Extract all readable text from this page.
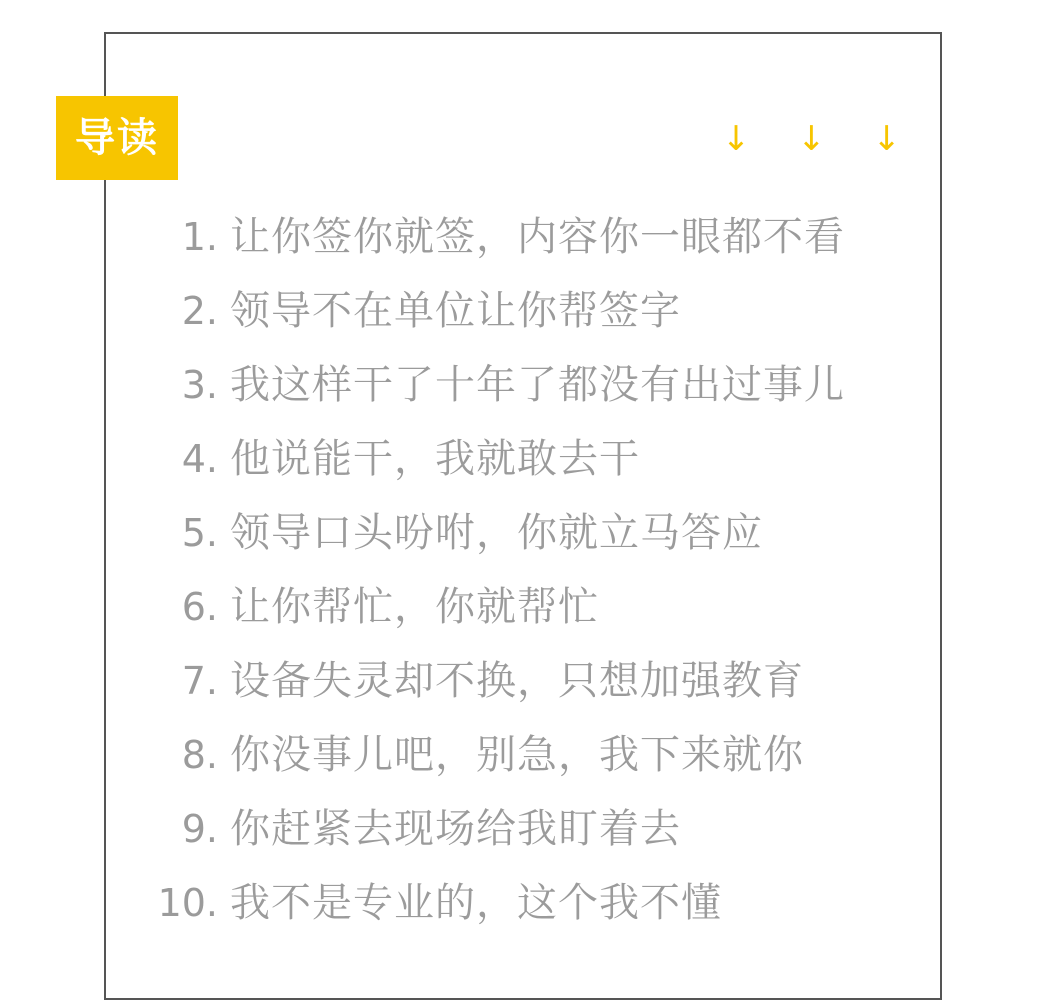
导读	↓ ↓ ↓
1. 让你签你就签，内容你一眼都不看
2. 领导不在单位让你帮签字
3. 我这样干了十年了都没有出过事儿
4. 他说能干，我就敢去干
5. 领导口头吩咐，你就立马答应
6. 让你帮忙，你就帮忙
7. 设备失灵却不换，只想加强教育
8. 你没事儿吧，别急，我下来就你
9. 你赶紧去现场给我盯着去
10. 我不是专业的，这个我不懂
